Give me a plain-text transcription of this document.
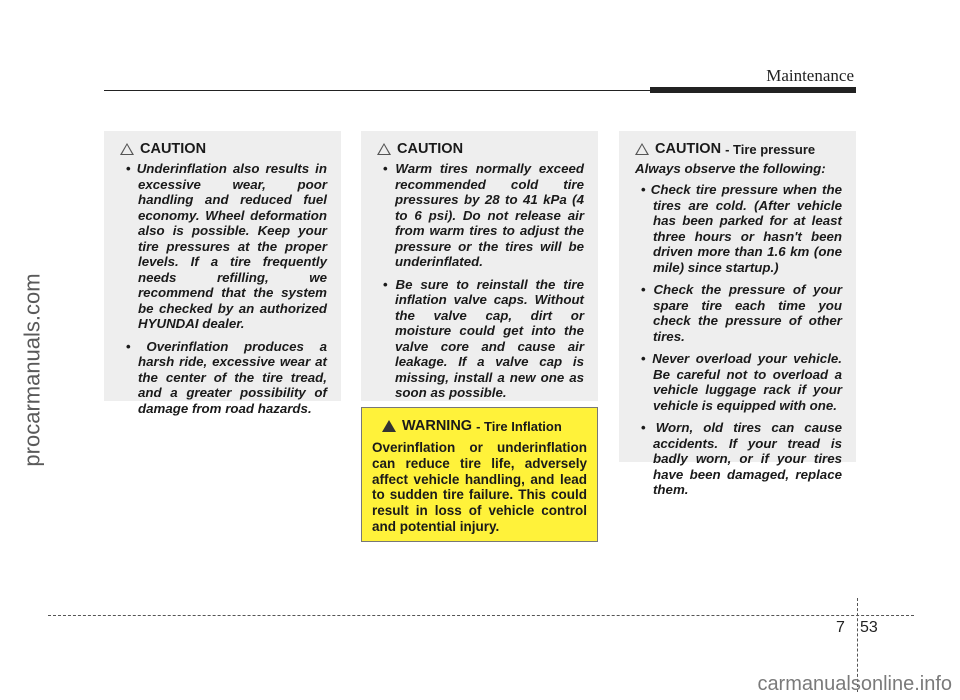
Maintenance
procarmanuals.com
CAUTION
• Underinflation also results in excessive wear, poor handling and reduced fuel economy. Wheel deformation also is possible. Keep your tire pressures at the proper levels. If a tire frequently needs refilling, we recommend that the system be checked by an authorized HYUNDAI dealer.
• Overinflation produces a harsh ride, excessive wear at the center of the tire tread, and a greater possibility of damage from road hazards.
CAUTION
• Warm tires normally exceed recommended cold tire pressures by 28 to 41 kPa (4 to 6 psi). Do not release air from warm tires to adjust the pressure or the tires will be underinflated.
• Be sure to reinstall the tire inflation valve caps. Without the valve cap, dirt or moisture could get into the valve core and cause air leakage. If a valve cap is missing, install a new one as soon as possible.
WARNING - Tire Inflation
Overinflation or underinflation can reduce tire life, adversely affect vehicle handling, and lead to sudden tire failure. This could result in loss of vehicle control and potential injury.
CAUTION - Tire pressure
Always observe the following:
• Check tire pressure when the tires are cold. (After vehicle has been parked for at least three hours or hasn't been driven more than 1.6 km (one mile) since startup.)
• Check the pressure of your spare tire each time you check the pressure of other tires.
• Never overload your vehicle. Be careful not to overload a vehicle luggage rack if your vehicle is equipped with one.
• Worn, old tires can cause accidents. If your tread is badly worn, or if your tires have been damaged, replace them.
7 53
carmanualsonline.info
